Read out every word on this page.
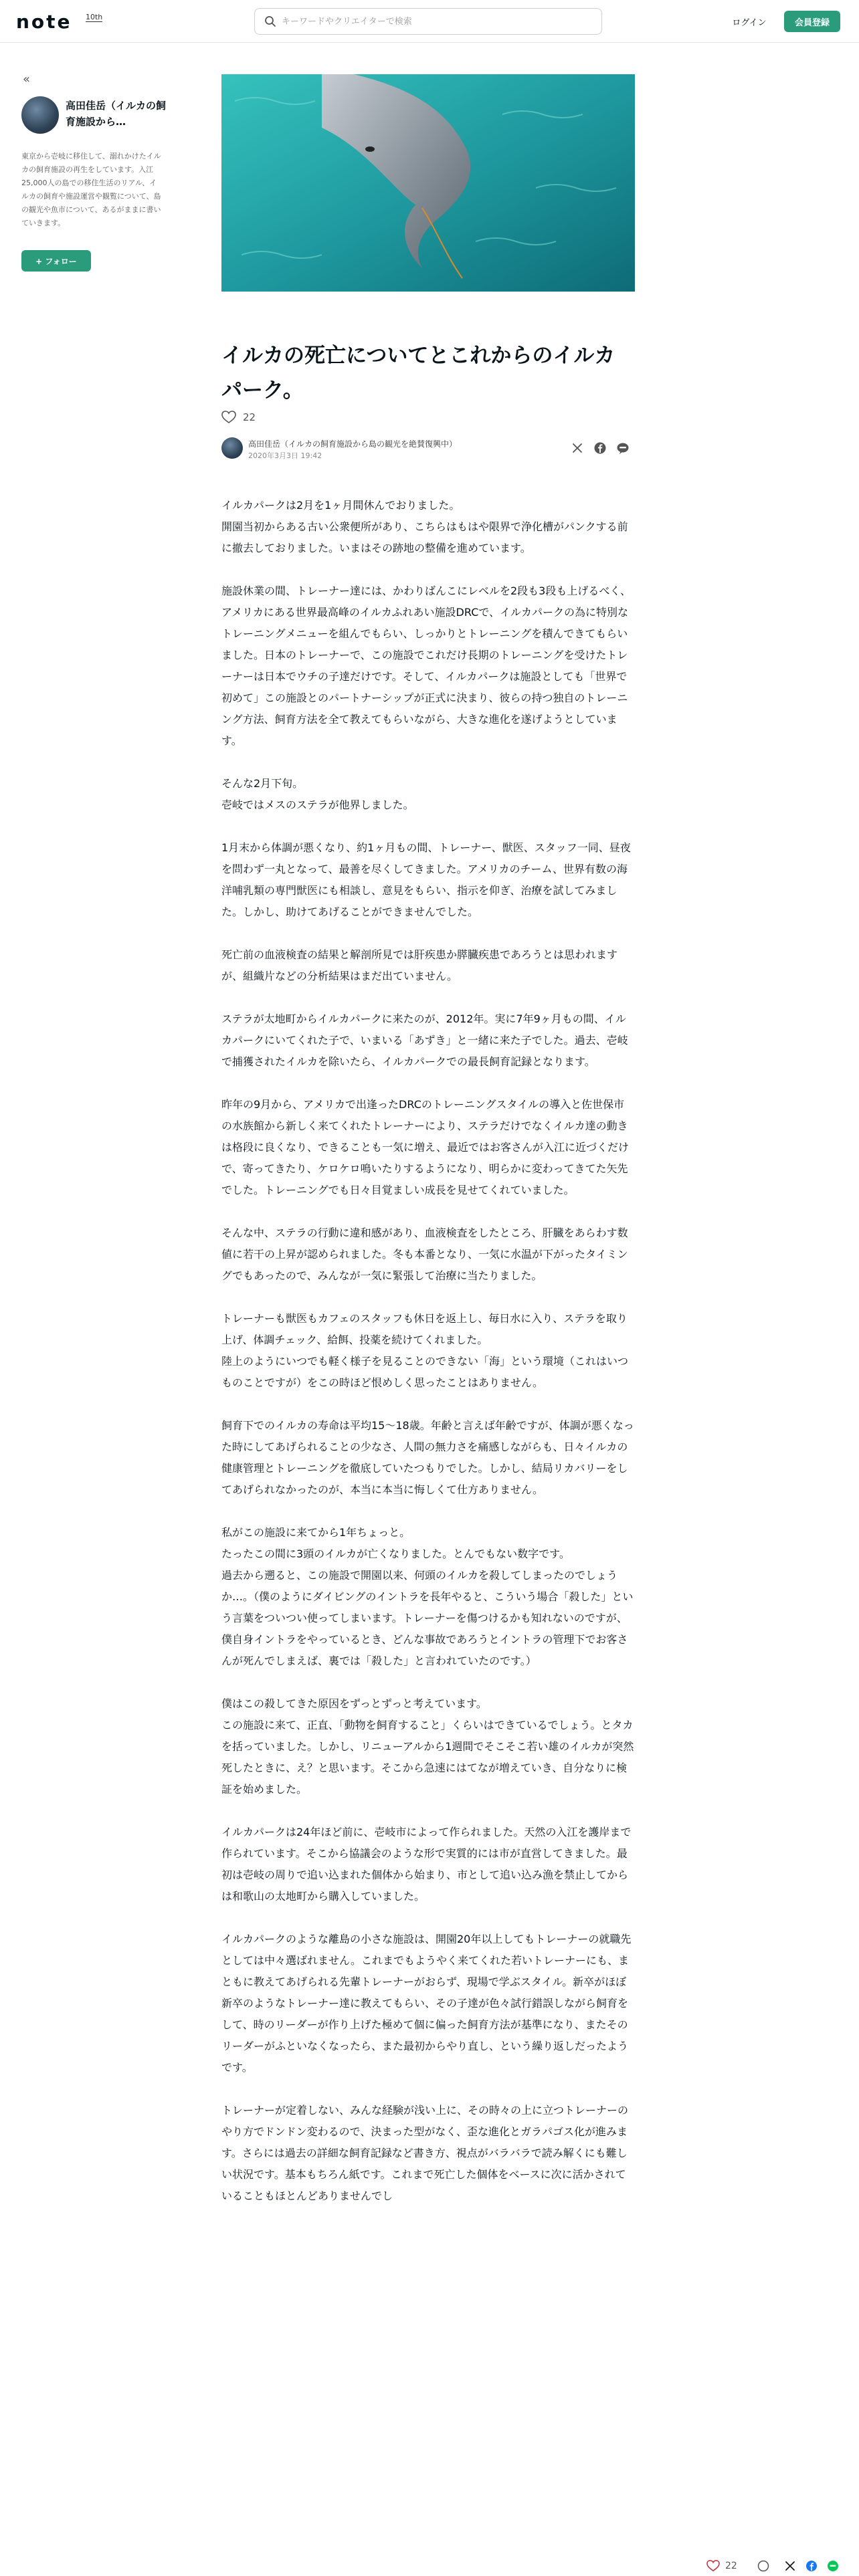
note 10th
キーワードやクリエイターで検索
ログイン	会員登録
«
高田佳岳（イルカの飼育施設から…
東京から壱岐に移住して、溺れかけたイルカの飼育施設の再生をしています。入江25,000人の島での移住生活のリアル、イルカの飼育や施設運営や観覧について、島の観光や魚市について、あるがままに書いていきます。
+ フォロー
イルカの死亡についてとこれからのイルカパーク。
22
高田佳岳（イルカの飼育施設から島の観光を絶賛復興中）
2020年3月3日 19:42

イルカパークは2月を1ヶ月間休んでおりました。
開園当初からある古い公衆便所があり、こちらはもはや限界で浄化槽がパンクする前に撤去しておりました。いまはその跡地の整備を進めています。

施設休業の間、トレーナー達には、かわりばんこにレベルを2段も3段も上げるべく、アメリカにある世界最高峰のイルカふれあい施設DRCで、イルカパークの為に特別なトレーニングメニューを組んでもらい、しっかりとトレーニングを積んできてもらいました。日本のトレーナーで、この施設でこれだけ長期のトレーニングを受けたトレーナーは日本でウチの子達だけです。そして、イルカパークは施設としても「世界で初めて」この施設とのパートナーシップが正式に決まり、彼らの持つ独自のトレーニング方法、飼育方法を全て教えてもらいながら、大きな進化を遂げようとしています。

そんな2月下旬。
壱岐ではメスのステラが他界しました。

1月末から体調が悪くなり、約1ヶ月もの間、トレーナー、獣医、スタッフ一同、昼夜を問わず一丸となって、最善を尽くしてきました。アメリカのチーム、世界有数の海洋哺乳類の専門獣医にも相談し、意見をもらい、指示を仰ぎ、治療を試してみました。しかし、助けてあげることができませんでした。

死亡前の血液検査の結果と解剖所見では肝疾患か膵臓疾患であろうとは思われますが、組織片などの分析結果はまだ出ていません。

ステラが太地町からイルカパークに来たのが、2012年。実に7年9ヶ月もの間、イルカパークにいてくれた子で、いまいる「あずき」と一緒に来た子でした。過去、壱岐で捕獲されたイルカを除いたら、イルカパークでの最長飼育記録となります。

昨年の9月から、アメリカで出逢ったDRCのトレーニングスタイルの導入と佐世保市の水族館から新しく来てくれたトレーナーにより、ステラだけでなくイルカ達の動きは格段に良くなり、できることも一気に増え、最近ではお客さんが入江に近づくだけで、寄ってきたり、ケロケロ鳴いたりするようになり、明らかに変わってきてた矢先でした。トレーニングでも日々目覚ましい成長を見せてくれていました。

そんな中、ステラの行動に違和感があり、血液検査をしたところ、肝臓をあらわす数値に若干の上昇が認められました。冬も本番となり、一気に水温が下がったタイミングでもあったので、みんなが一気に緊張して治療に当たりました。

トレーナーも獣医もカフェのスタッフも休日を返上し、毎日水に入り、ステラを取り上げ、体調チェック、給餌、投薬を続けてくれました。
陸上のようにいつでも軽く様子を見ることのできない「海」という環境（これはいつものことですが）をこの時ほど恨めしく思ったことはありません。

飼育下でのイルカの寿命は平均15〜18歳。年齢と言えば年齢ですが、体調が悪くなった時にしてあげられることの少なさ、人間の無力さを痛感しながらも、日々イルカの健康管理とトレーニングを徹底していたつもりでした。しかし、結局リカバリーをしてあげられなかったのが、本当に本当に悔しくて仕方ありません。

私がこの施設に来てから1年ちょっと。
たったこの間に3頭のイルカが亡くなりました。とんでもない数字です。
過去から遡ると、この施設で開園以来、何頭のイルカを殺してしまったのでしょうか…。（僕のようにダイビングのイントラを長年やると、こういう場合「殺した」という言葉をついつい使ってしまいます。トレーナーを傷つけるかも知れないのですが、僕自身イントラをやっているとき、どんな事故であろうとイントラの管理下でお客さんが死んでしまえば、裏では「殺した」と言われていたのです。）

僕はこの殺してきた原因をずっとずっと考えています。
この施設に来て、正直、「動物を飼育すること」くらいはできているでしょう。とタカを括っていました。しかし、リニューアルから1週間でそこそこ若い雄のイルカが突然死したときに、え？と思います。そこから急速にはてなが増えていき、自分なりに検証を始めました。

イルカパークは24年ほど前に、壱岐市によって作られました。天然の入江を護岸まで作られています。そこから協議会のような形で実質的には市が直営してきました。最初は壱岐の周りで追い込まれた個体から始まり、市として追い込み漁を禁止してからは和歌山の太地町から購入していました。

イルカパークのような離島の小さな施設は、開園20年以上してもトレーナーの就職先としては中々選ばれません。これまでもようやく来てくれた若いトレーナーにも、まともに教えてあげられる先輩トレーナーがおらず、現場で学ぶスタイル。新卒がほぼ新卒のようなトレーナー達に教えてもらい、その子達が色々試行錯誤しながら飼育をして、時のリーダーが作り上げた極めて個に偏った飼育方法が基準になり、またそのリーダーがふといなくなったら、また最初からやり直し、という繰り返しだったようです。

トレーナーが定着しない、みんな経験が浅い上に、その時々の上に立つトレーナーのやり方でドンドン変わるので、決まった型がなく、歪な進化とガラパゴス化が進みます。さらには過去の詳細な飼育記録など書き方、視点がバラバラで読み解くにも難しい状況です。基本もちろん紙です。これまで死亡した個体をベースに次に活かされていることもほとんどありませんでし

22
